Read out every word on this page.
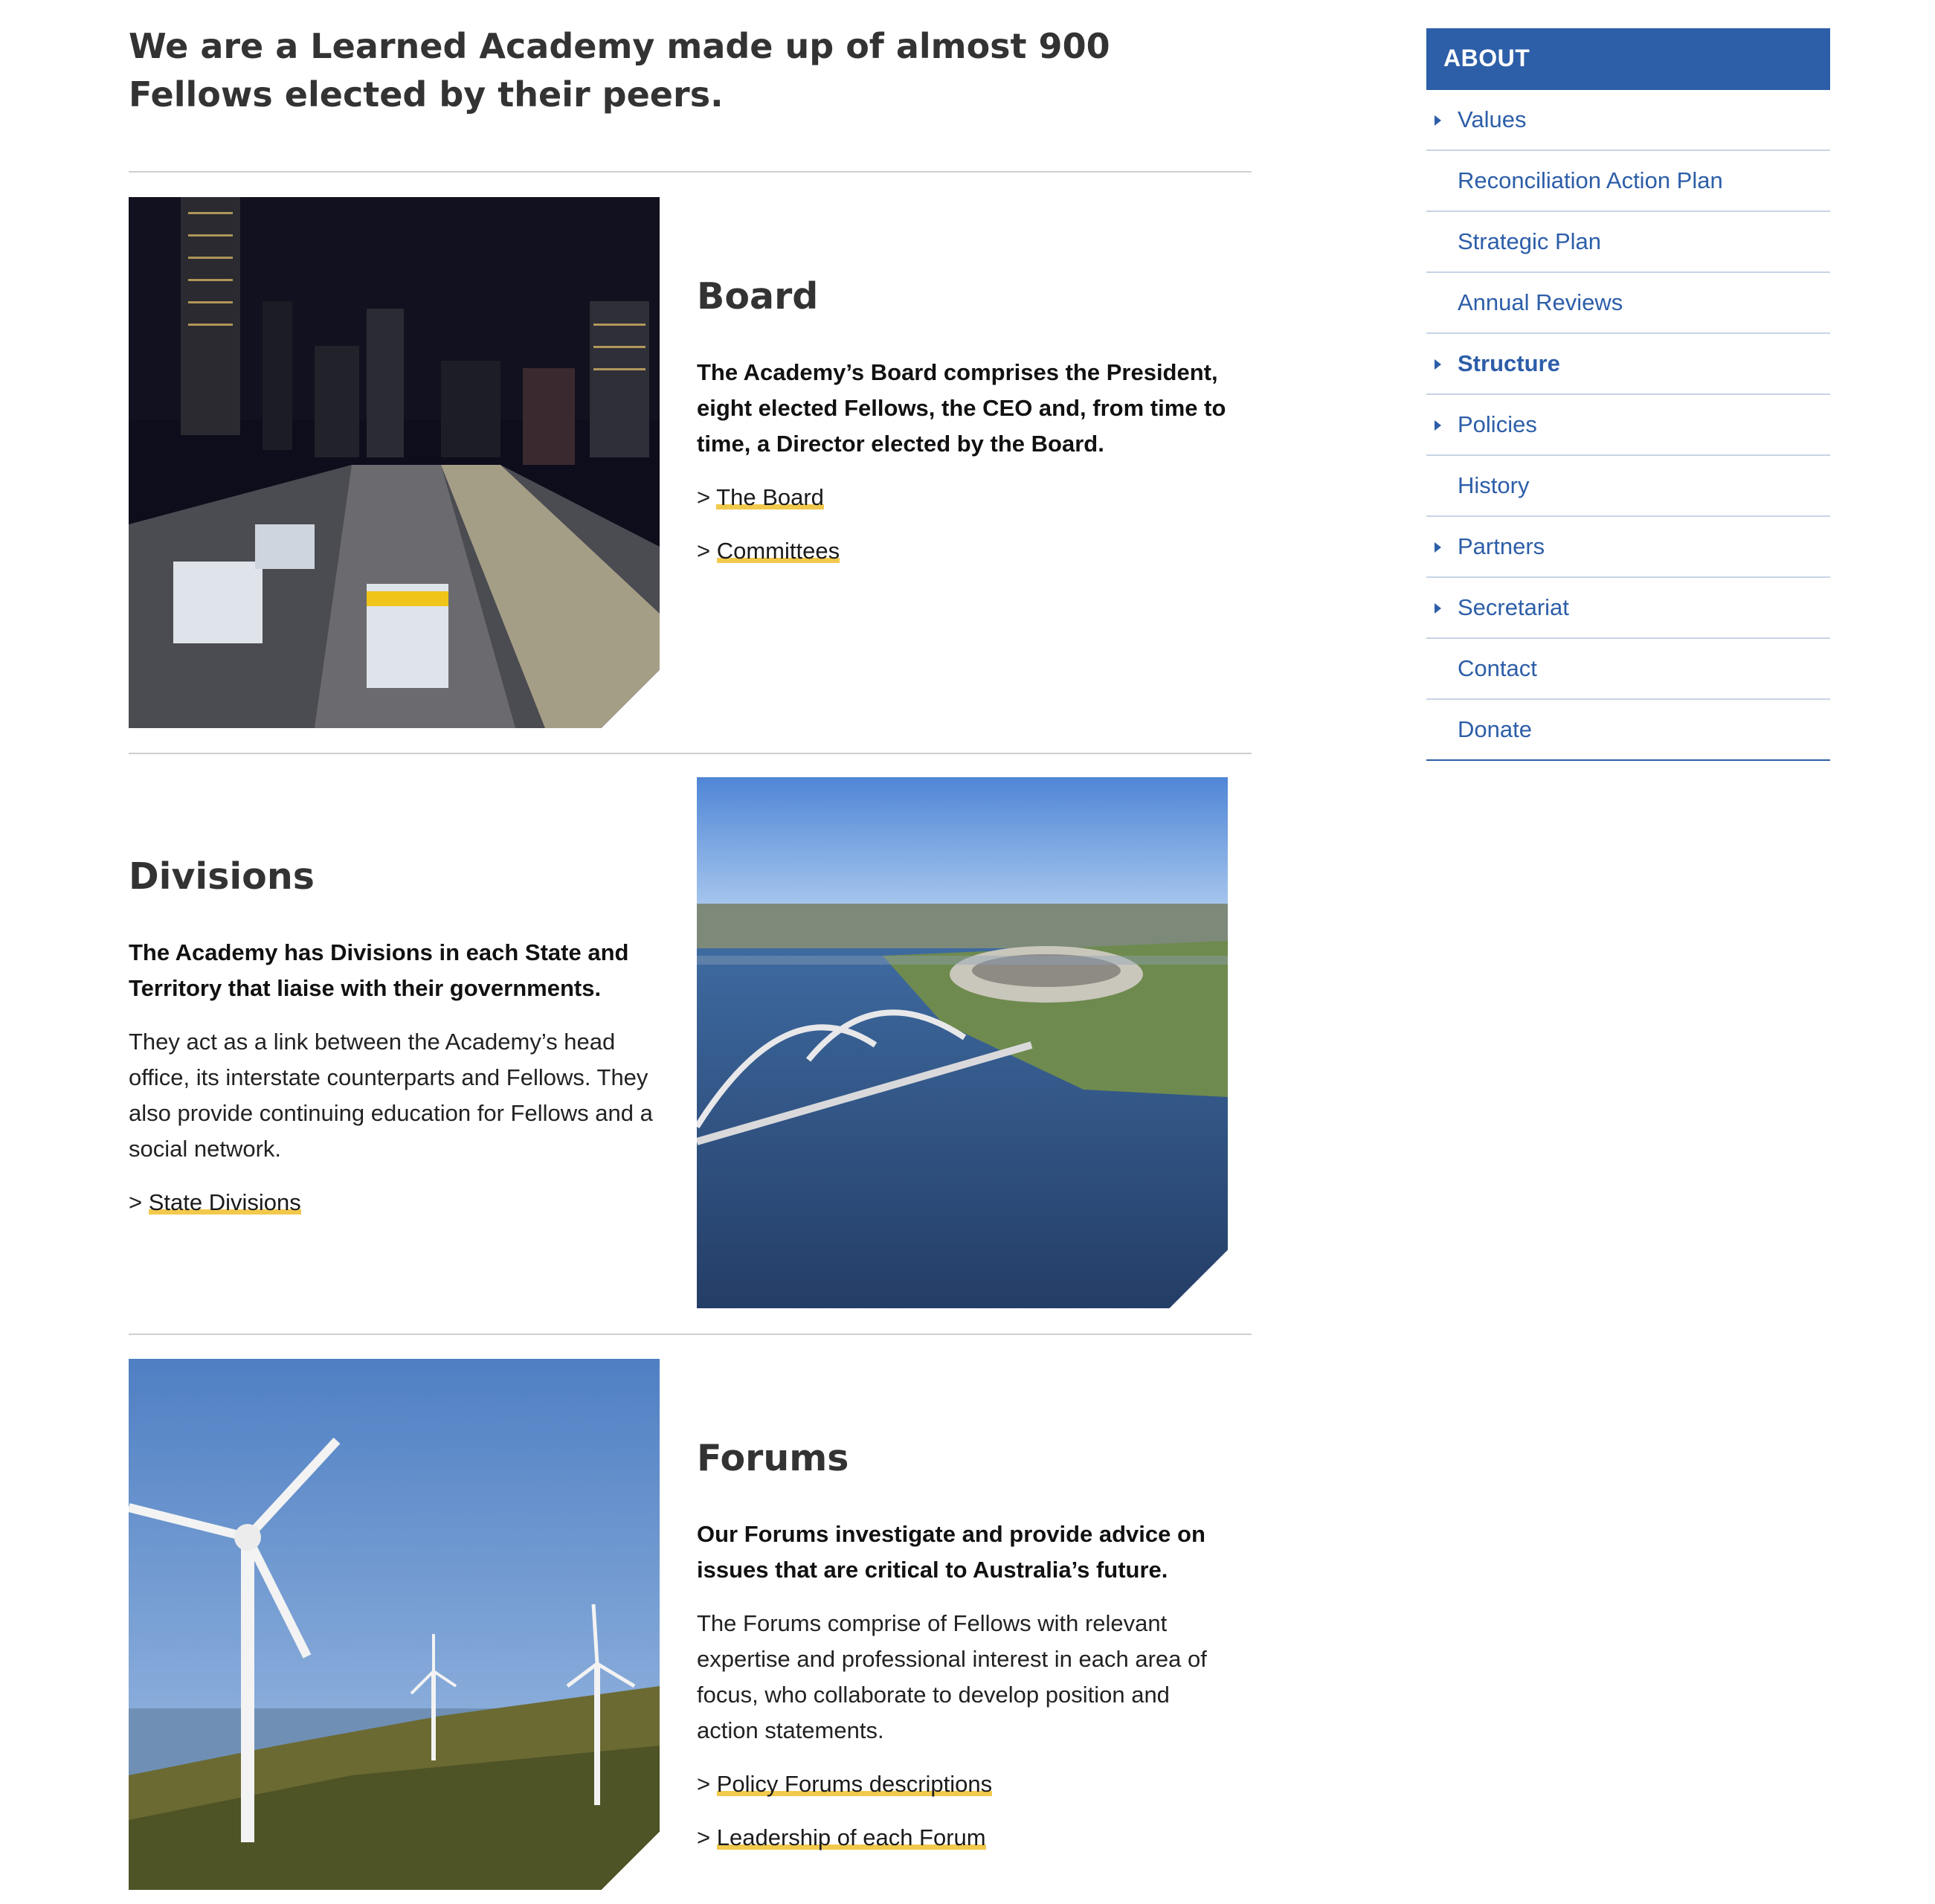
We are a Learned Academy made up of almost 900 Fellows elected by their peers.
Board

The Academy’s Board comprises the President, eight elected Fellows, the CEO and, from time to time, a Director elected by the Board.

> The Board
> Committees
Divisions

The Academy has Divisions in each State and Territory that liaise with their governments.

They act as a link between the Academy’s head office, its interstate counterparts and Fellows. They also provide continuing education for Fellows and a social network.

> State Divisions
Forums

Our Forums investigate and provide advice on issues that are critical to Australia’s future.

The Forums comprise of Fellows with relevant expertise and professional interest in each area of focus, who collaborate to develop position and action statements.

> Policy Forums descriptions
> Leadership of each Forum
ABOUT
Values
Reconciliation Action Plan
Strategic Plan
Annual Reviews
Structure
Policies
History
Partners
Secretariat
Contact
Donate
